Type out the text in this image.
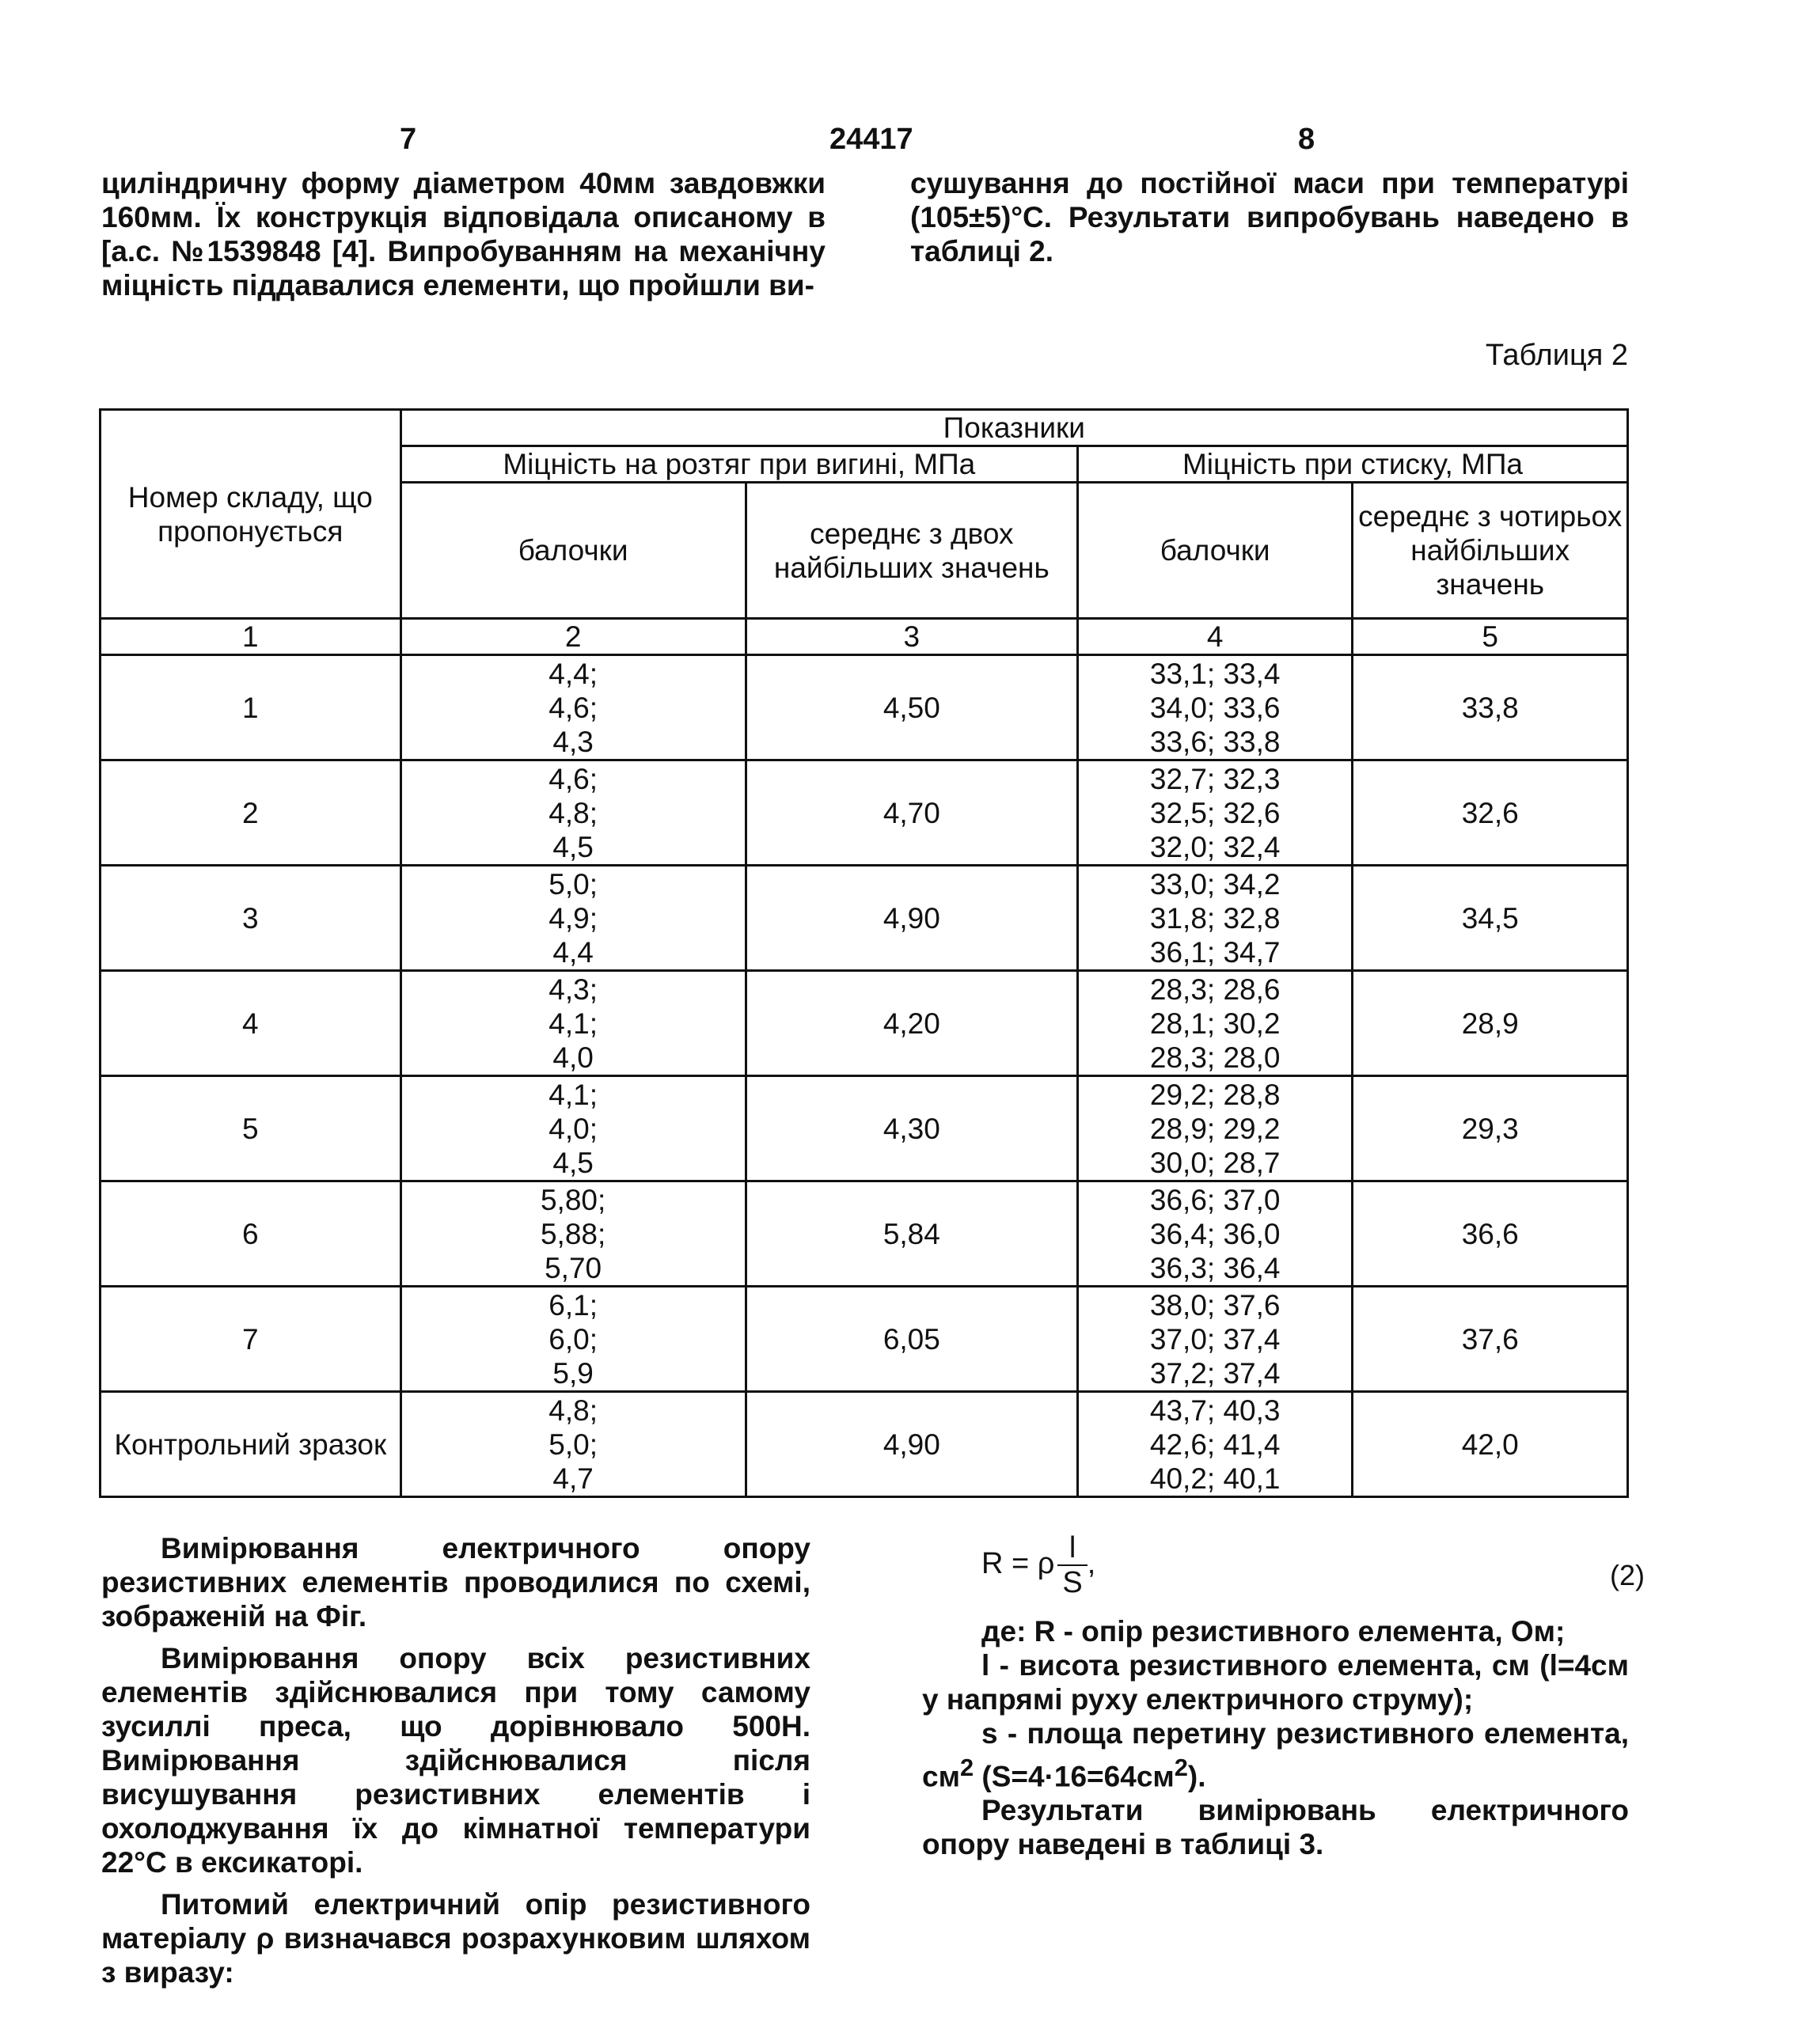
7	24417	8

циліндричну форму діаметром 40мм завдовжки 160мм. Їх конструкція відповідала описаному в [а.с. №1539848 [4]. Випробуванням на механічну міцність піддавалися елементи, що пройшли ви-

сушування до постійної маси при температурі (105±5)°C. Результати випробувань наведено в таблиці 2.

Таблиця 2
Номер складу, що пропонується	Показники			
	Міцність на розтяг при вигині, МПа		Міцність при стиску, МПа	
	балочки	середнє з двох найбільших значень	балочки	середнє з чотирьох найбільших значень
1	2	3	4	5
1	4,4;
4,6;
4,3	4,50	33,1; 33,4
34,0; 33,6
33,6; 33,8	33,8
2	4,6;
4,8;
4,5	4,70	32,7; 32,3
32,5; 32,6
32,0; 32,4	32,6
3	5,0;
4,9;
4,4	4,90	33,0; 34,2
31,8; 32,8
36,1; 34,7	34,5
4	4,3;
4,1;
4,0	4,20	28,3; 28,6
28,1; 30,2
28,3; 28,0	28,9
5	4,1;
4,0;
4,5	4,30	29,2; 28,8
28,9; 29,2
30,0; 28,7	29,3
6	5,80;
5,88;
5,70	5,84	36,6; 37,0
36,4; 36,0
36,3; 36,4	36,6
7	6,1;
6,0;
5,9	6,05	38,0; 37,6
37,0; 37,4
37,2; 37,4	37,6
Контрольний зразок	4,8;
5,0;
4,7	4,90	43,7; 40,3
42,6; 41,4
40,2; 40,1	42,0

Вимірювання електричного опору резистивних елементів проводилися по схемі, зображеній на Фіг.

Вимірювання опору всіх резистивних елементів здійснювалися при тому самому зусиллі преса, що дорівнювало 500Н. Вимірювання здійснювалися після висушування резистивних елементів і охолоджування їх до кімнатної температури 22°С в ексикаторі.

Питомий електричний опір резистивного матеріалу ρ визначався розрахунковим шляхом з виразу:

R = ρ $\frac{l}{S}$ ,	(2)

де: R - опір резистивного елемента, Ом;

l - висота резистивного елемента, см (l=4см у напрямі руху електричного струму);

s - площа перетину резистивного елемента, $см^2$ $(S=4\cdot 16=64см^2)$.

Результати вимірювань електричного опору наведені в таблиці 3.
